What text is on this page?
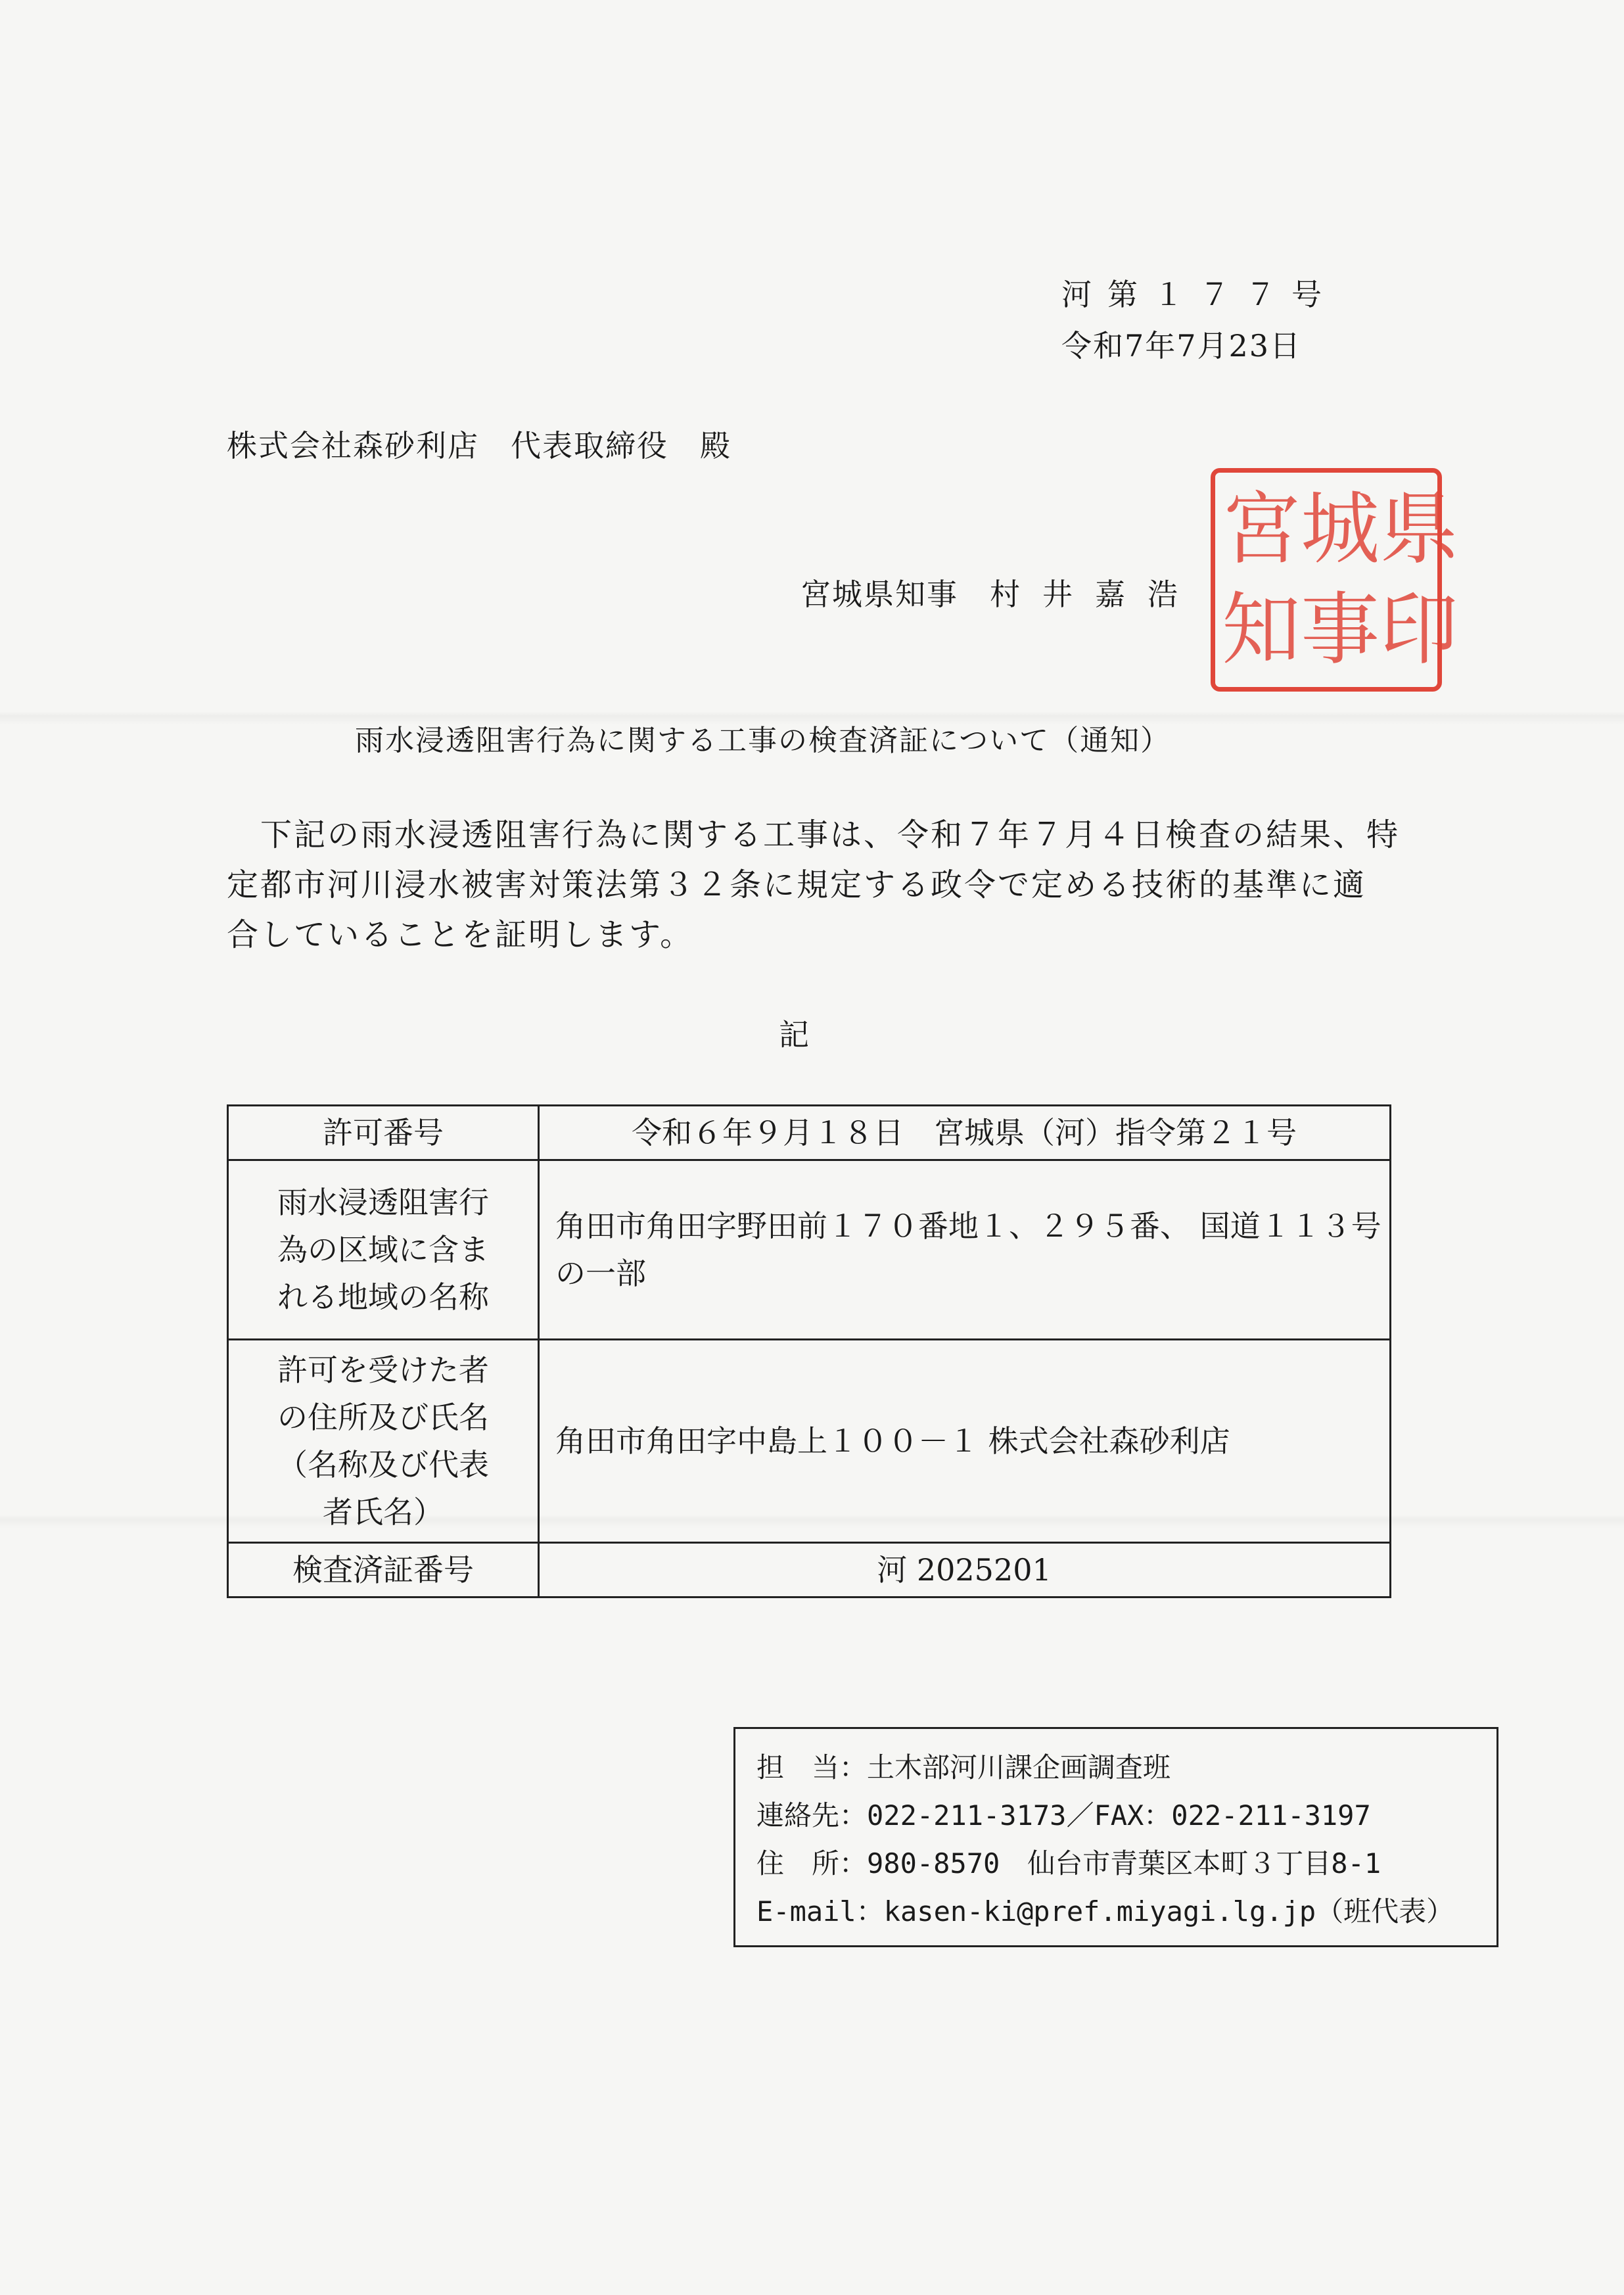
河第１７７号
令和7年7月23日
株式会社森砂利店　代表取締役　殿
宮城県知事 村井嘉浩
宮 城 県
知 事 印
雨水浸透阻害行為に関する工事の検査済証について（通知）
　下記の雨水浸透阻害行為に関する工事は、令和７年７月４日検査の結果、特
定都市河川浸水被害対策法第３２条に規定する政令で定める技術的基準に適
合していることを証明します。
記
許可番号	令和６年９月１８日　宮城県（河）指令第２１号

雨水浸透阻害行
為の区域に含ま
れる地域の名称	角田市角田字野田前１７０番地１、２９５番、 国道１１３号の一部

許可を受けた者
の住所及び氏名
（名称及び代表
者氏名）	角田市角田字中島上１００－１ 株式会社森砂利店
検査済証番号	河 2025201
担　当：土木部河川課企画調査班
連絡先：022-211-3173／FAX：022-211-3197
住　所：980-8570　仙台市青葉区本町３丁目8-1
E-mail：kasen-ki@pref.miyagi.lg.jp（班代表）
